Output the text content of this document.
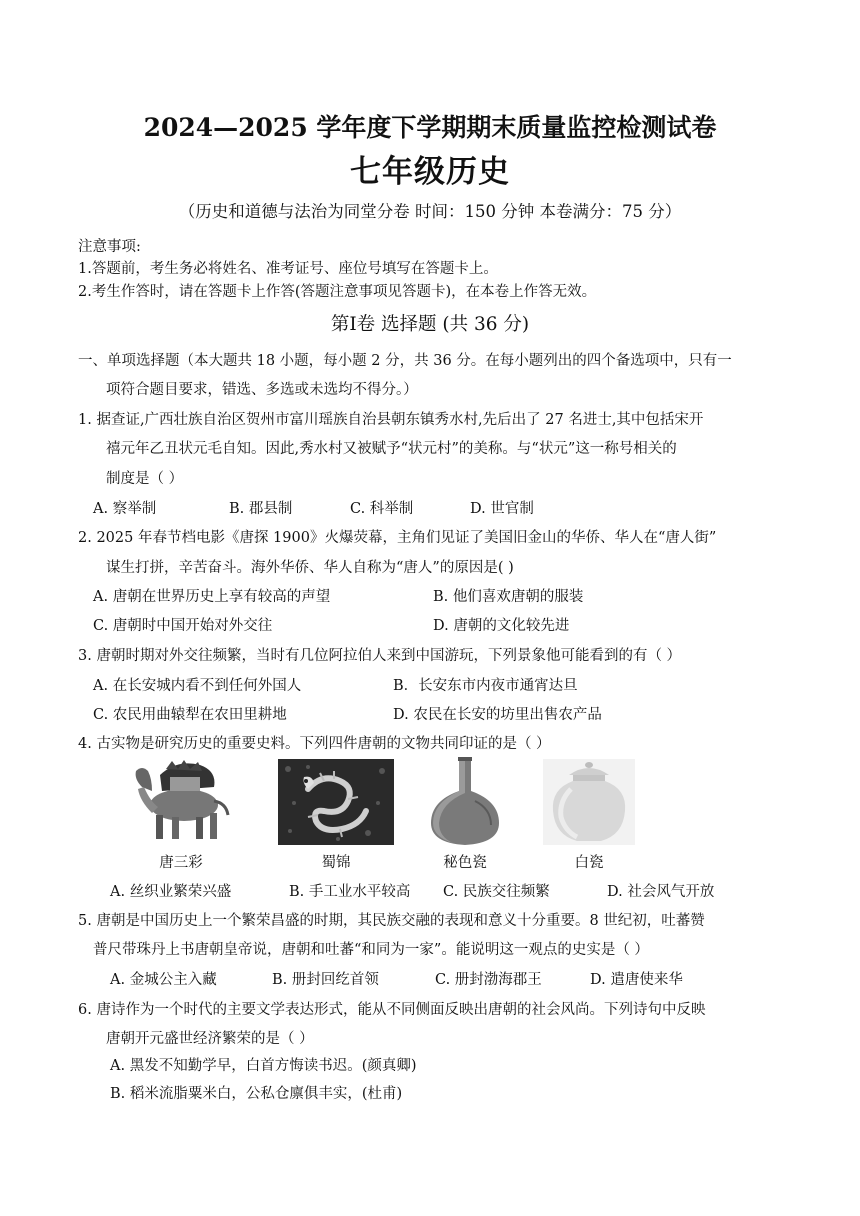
2024—2025 学年度下学期期末质量监控检测试卷
七年级历史
（历史和道德与法治为同堂分卷 时间：150 分钟 本卷满分：75 分）
注意事项:
1.答题前，考生务必将姓名、准考证号、座位号填写在答题卡上。
2.考生作答时，请在答题卡上作答(答题注意事项见答题卡)，在本卷上作答无效。
第Ⅰ卷 选择题 (共 36 分)
一、单项选择题（本大题共 18 小题，每小题 2 分，共 36 分。在每小题列出的四个备选项中，只有一
项符合题目要求，错选、多选或未选均不得分。）
1. 据查证,广西壮族自治区贺州市富川瑶族自治县朝东镇秀水村,先后出了 27 名进士,其中包括宋开
禧元年乙丑状元毛自知。因此,秀水村又被赋予“状元村”的美称。与“状元”这一称号相关的
制度是（ ）
A. 察举制	B. 郡县制	C. 科举制	D. 世官制
2. 2025 年春节档电影《唐探 1900》火爆荧幕，主角们见证了美国旧金山的华侨、华人在“唐人街”
谋生打拼，辛苦奋斗。海外华侨、华人自称为“唐人”的原因是( )
A. 唐朝在世界历史上享有较高的声望	B. 他们喜欢唐朝的服装
C. 唐朝时中国开始对外交往	D. 唐朝的文化较先进
3. 唐朝时期对外交往频繁，当时有几位阿拉伯人来到中国游玩，下列景象他可能看到的有（ ）
A. 在长安城内看不到任何外国人	B．长安东市内夜市通宵达旦
C. 农民用曲辕犁在农田里耕地	D. 农民在长安的坊里出售农产品
4. 古实物是研究历史的重要史料。下列四件唐朝的文物共同印证的是（ ）
唐三彩	蜀锦	秘色瓷	白瓷
A. 丝织业繁荣兴盛	B. 手工业水平较高 C. 民族交往频繁	D. 社会风气开放
5. 唐朝是中国历史上一个繁荣昌盛的时期，其民族交融的表现和意义十分重要。8 世纪初，吐蕃赞
普尺带珠丹上书唐朝皇帝说，唐朝和吐蕃“和同为一家”。能说明这一观点的史实是（ ）
A. 金城公主入藏	B. 册封回纥首领	C. 册封渤海郡王	D. 遣唐使来华
6. 唐诗作为一个时代的主要文学表达形式，能从不同侧面反映出唐朝的社会风尚。下列诗句中反映
唐朝开元盛世经济繁荣的是（ ）
A. 黑发不知勤学早，白首方悔读书迟。(颜真卿)
B. 稻米流脂粟米白，公私仓廪俱丰实，(杜甫)
